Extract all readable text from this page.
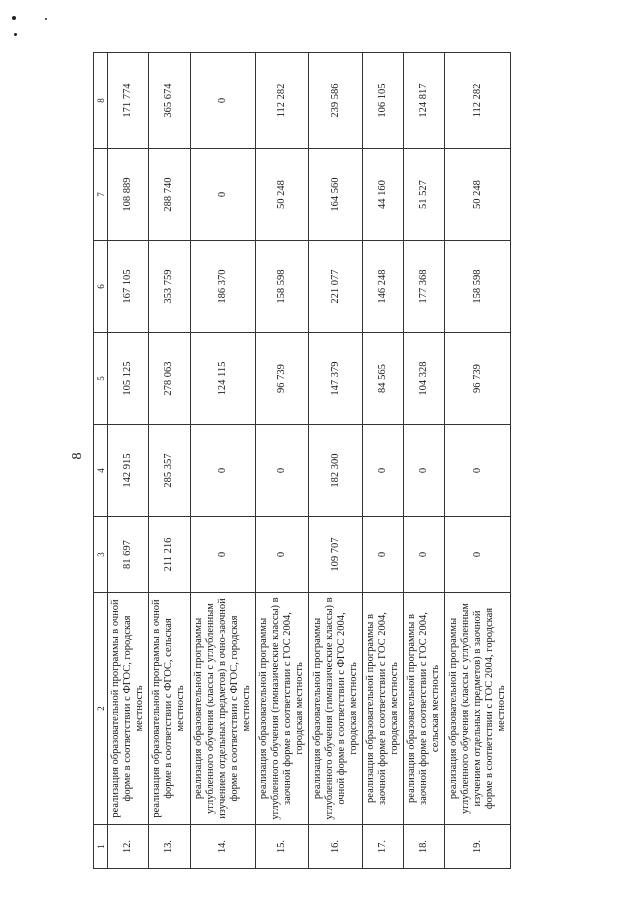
8
1	2	3	4	5	6	7	8
12.	реализация образовательной программы в очной форме в соответствии с ФГОС, городская местность	81 697	142 915	105 125	167 105	108 889	171 774
13.	реализация образовательной программы в очной форме в соответствии с ФГОС, сельская местность	211 216	285 357	278 063	353 759	288 740	365 674
14.	реализация образовательной программы углубленного обучения (классы с углубленным изучением отдельных предметов) в очно-заочной форме в соответствии с ФГОС, городская местность	0	0	124 115	186 370	0	0
15.	реализация образовательной программы углубленного обучения (гимназические классы) в заочной форме в соответствии с ГОС 2004, городская местность	0	0	96 739	158 598	50 248	112 282
16.	реализация образовательной программы углубленного обучения (гимназические классы) в очной форме в соответствии с ФГОС 2004, городская местность	109 707	182 300	147 379	221 077	164 560	239 586
17.	реализация образовательной программы в заочной форме в соответствии с ГОС 2004, городская местность	0	0	84 565	146 248	44 160	106 105
18.	реализация образовательной программы в заочной форме в соответствии с ГОС 2004, сельская местность	0	0	104 328	177 368	51 527	124 817
19.	реализация образовательной программы углубленного обучения (классы с углубленным изучением отдельных предметов) в заочной форме в соответствии с ГОС 2004, городская местность	0	0	96 739	158 598	50 248	112 282
